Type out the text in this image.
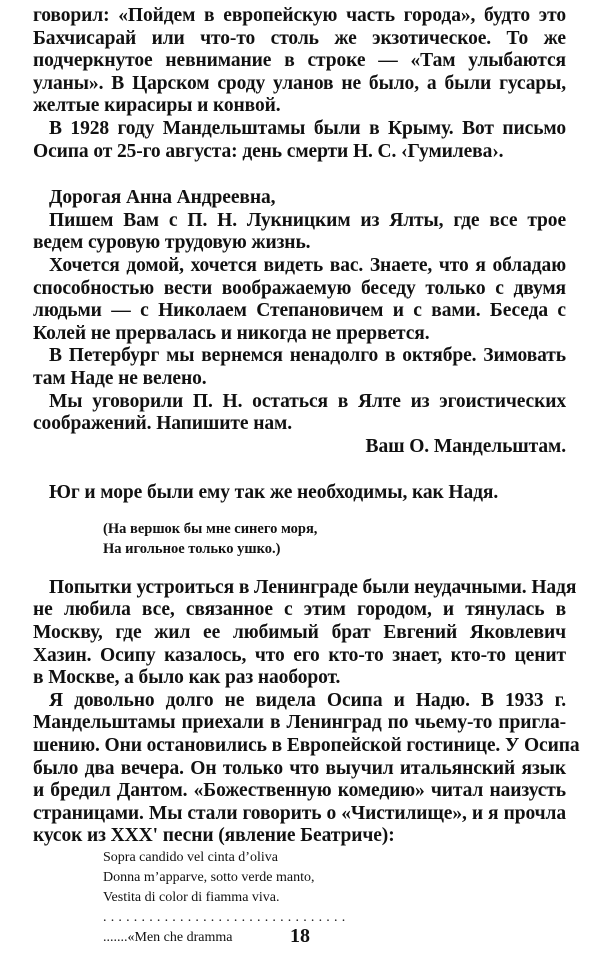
говорил: «Пойдем в европейскую часть города», будто это
Бахчисарай или что-то столь же экзотическое. То же
подчеркнутое невнимание в строке — «Там улыбаются
уланы». В Царском сроду уланов не было, а были гусары,
желтые кирасиры и конвой.
В 1928 году Мандельштамы были в Крыму. Вот письмо
Осипа от 25-го августа: день смерти Н. С. ‹Гумилева›.
Дорогая Анна Андреевна,
Пишем Вам с П. Н. Лукницким из Ялты, где все трое
ведем суровую трудовую жизнь.
Хочется домой, хочется видеть вас. Знаете, что я обладаю
способностью вести воображаемую беседу только с двумя
людьми — с Николаем Степановичем и с вами. Беседа с
Колей не прервалась и никогда не прервется.
В Петербург мы вернемся ненадолго в октябре. Зимовать
там Наде не велено.
Мы уговорили П. Н. остаться в Ялте из эгоистических
соображений. Напишите нам.
Ваш О. Мандельштам.
Юг и море были ему так же необходимы, как Надя.
(На вершок бы мне синего моря,
На игольное только ушко.)
Попытки устроиться в Ленинграде были неудачными. Надя
не любила все, связанное с этим городом, и тянулась в
Москву, где жил ее любимый брат Евгений Яковлевич
Хазин. Осипу казалось, что его кто-то знает, кто-то ценит
в Москве, а было как раз наоборот.
Я довольно долго не видела Осипа и Надю. В 1933 г.
Мандельштамы приехали в Ленинград по чьему-то пригла-
шению. Они остановились в Европейской гостинице. У Осипа
было два вечера. Он только что выучил итальянский язык
и бредил Дантом. «Божественную комедию» читал наизусть
страницами. Мы стали говорить о «Чистилище», и я прочла
кусок из XXX' песни (явление Беатриче):
Sopra candido vel cinta d’oliva
Donna m’apparve, sotto verde manto,
Vestita di color di fiamma viva.
................................
.......«Men che dramma	18
